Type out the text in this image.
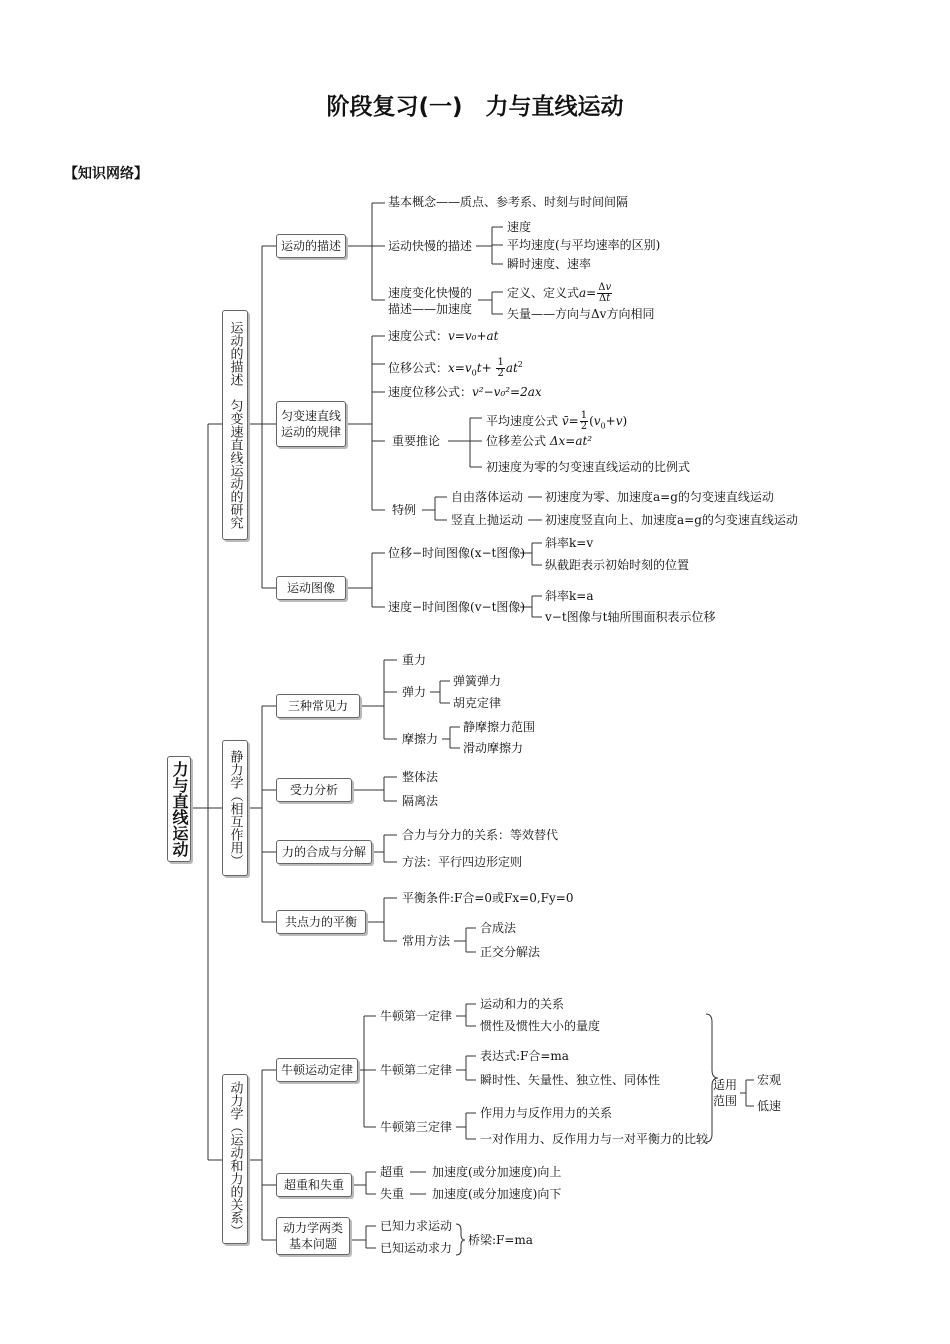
阶段复习(一)　力与直线运动
【知识网络】
力与直线运动
运动的描述　匀变速直线运动的研究
静力学（相互作用）
动力学（运动和力的关系）
运动的描述
基本概念——质点、参考系、时刻与时间间隔
运动快慢的描述
速度
平均速度(与平均速率的区别)
瞬时速度、速率
速度变化快慢的描述——加速度
定义、定义式$a= \frac{\Delta v}{\Delta t}$
矢量——方向与Δv方向相同
匀变速直线运动的规律
速度公式：v=v₀+at
位移公式：$x=v_0t+ \frac{1}{2} at^2$
速度位移公式：v²−v₀²=2ax
重要推论
平均速度公式 v̄= $\frac{1}{2} (v_0+v)$
位移差公式 Δx=at²
初速度为零的匀变速直线运动的比例式
特例
自由落体运动 初速度为零、加速度a=g的匀变速直线运动
竖直上抛运动 初速度竖直向上、加速度a=g的匀变速直线运动
运动图像
位移−时间图像(x−t图像)
斜率k=v
纵截距表示初始时刻的位置
速度−时间图像(v−t图像)
斜率k=a
v−t图像与t轴所围面积表示位移
三种常见力
重力
弹力
弹簧弹力
胡克定律
摩擦力
静摩擦力范围
滑动摩擦力
受力分析
整体法
隔离法
力的合成与分解
合力与分力的关系：等效替代
方法：平行四边形定则
共点力的平衡
平衡条件:F合=0或Fx=0,Fy=0
常用方法
合成法
正交分解法
牛顿运动定律
牛顿第一定律
运动和力的关系
惯性及惯性大小的量度
牛顿第二定律
表达式:F合=ma
瞬时性、矢量性、独立性、同体性
牛顿第三定律
作用力与反作用力的关系
一对作用力、反作用力与一对平衡力的比较
适用范围
宏观
低速
超重和失重
超重 加速度(或分加速度)向上
失重 加速度(或分加速度)向下
动力学两类基本问题
已知力求运动
已知运动求力
桥梁:F=ma
